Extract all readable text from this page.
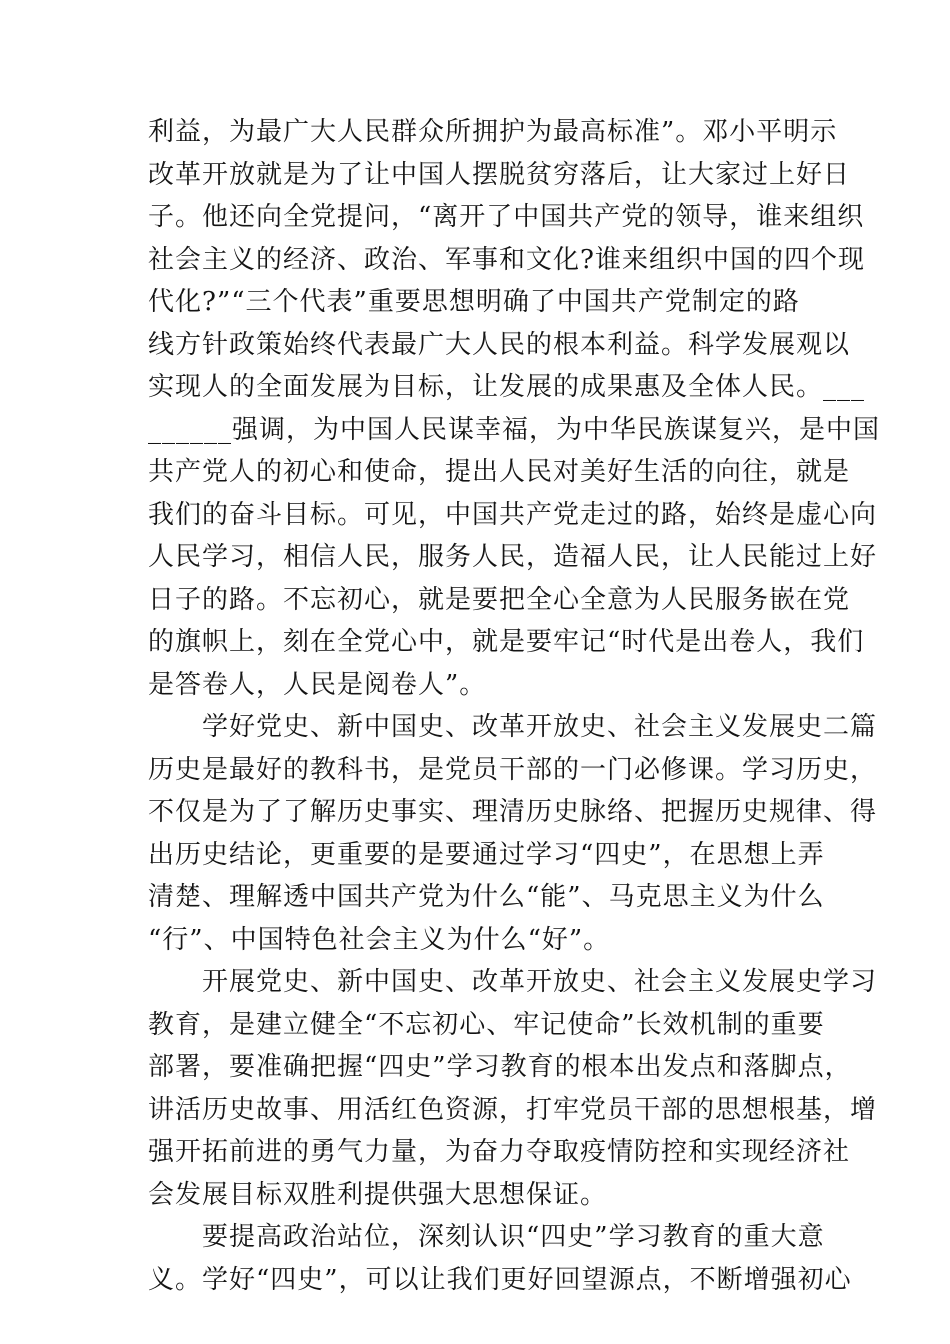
利益，为最广大人民群众所拥护为最高标准”。邓小平明示
改革开放就是为了让中国人摆脱贫穷落后，让大家过上好日
子。他还向全党提问，“离开了中国共产党的领导，谁来组织
社会主义的经济、政治、军事和文化?谁来组织中国的四个现
代化?”“三个代表”重要思想明确了中国共产党制定的路
线方针政策始终代表最广大人民的根本利益。科学发展观以
实现人的全面发展为目标，让发展的成果惠及全体人民。___
______强调，为中国人民谋幸福，为中华民族谋复兴，是中国
共产党人的初心和使命，提出人民对美好生活的向往，就是
我们的奋斗目标。可见，中国共产党走过的路，始终是虚心向
人民学习，相信人民，服务人民，造福人民，让人民能过上好
日子的路。不忘初心，就是要把全心全意为人民服务嵌在党
的旗帜上，刻在全党心中，就是要牢记“时代是出卷人，我们
是答卷人，人民是阅卷人”。
学好党史、新中国史、改革开放史、社会主义发展史二篇
历史是最好的教科书，是党员干部的一门必修课。学习历史，
不仅是为了了解历史事实、理清历史脉络、把握历史规律、得
出历史结论，更重要的是要通过学习“四史”，在思想上弄
清楚、理解透中国共产党为什么“能”、马克思主义为什么
“行”、中国特色社会主义为什么“好”。
开展党史、新中国史、改革开放史、社会主义发展史学习
教育，是建立健全“不忘初心、牢记使命”长效机制的重要
部署，要准确把握“四史”学习教育的根本出发点和落脚点，
讲活历史故事、用活红色资源，打牢党员干部的思想根基，增
强开拓前进的勇气力量，为奋力夺取疫情防控和实现经济社
会发展目标双胜利提供强大思想保证。
要提高政治站位，深刻认识“四史”学习教育的重大意
义。学好“四史”，可以让我们更好回望源点，不断增强初心
